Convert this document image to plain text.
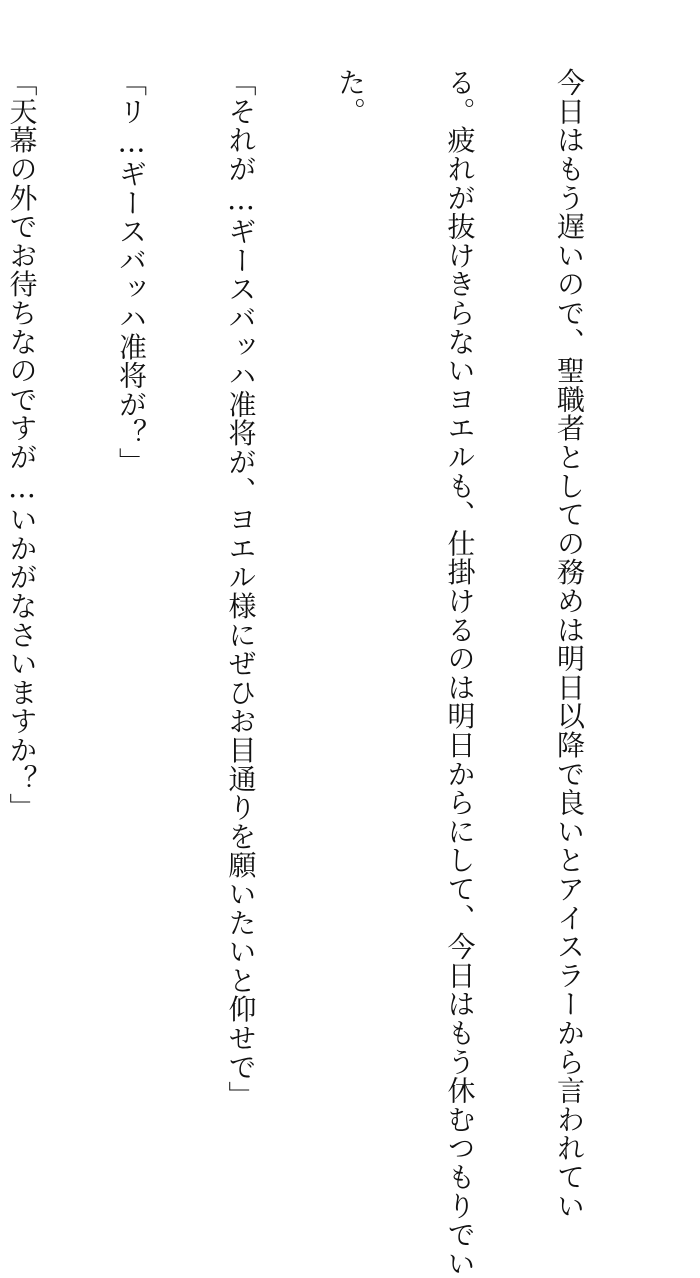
今日はもう遅いので、聖職者としての務めは明日以降で良いとアイスラーから言われてい

る。疲れが抜けきらないヨエルも、仕掛けるのは明日からにして、今日はもう休むつもりでい

た。

「それが…ギースバッハ准将が、ヨエル様にぜひお目通りを願いたいと仰せで」

「リ…ギースバッハ准将が？」

「天幕の外でお待ちなのですが…いかがなさいますか？」
